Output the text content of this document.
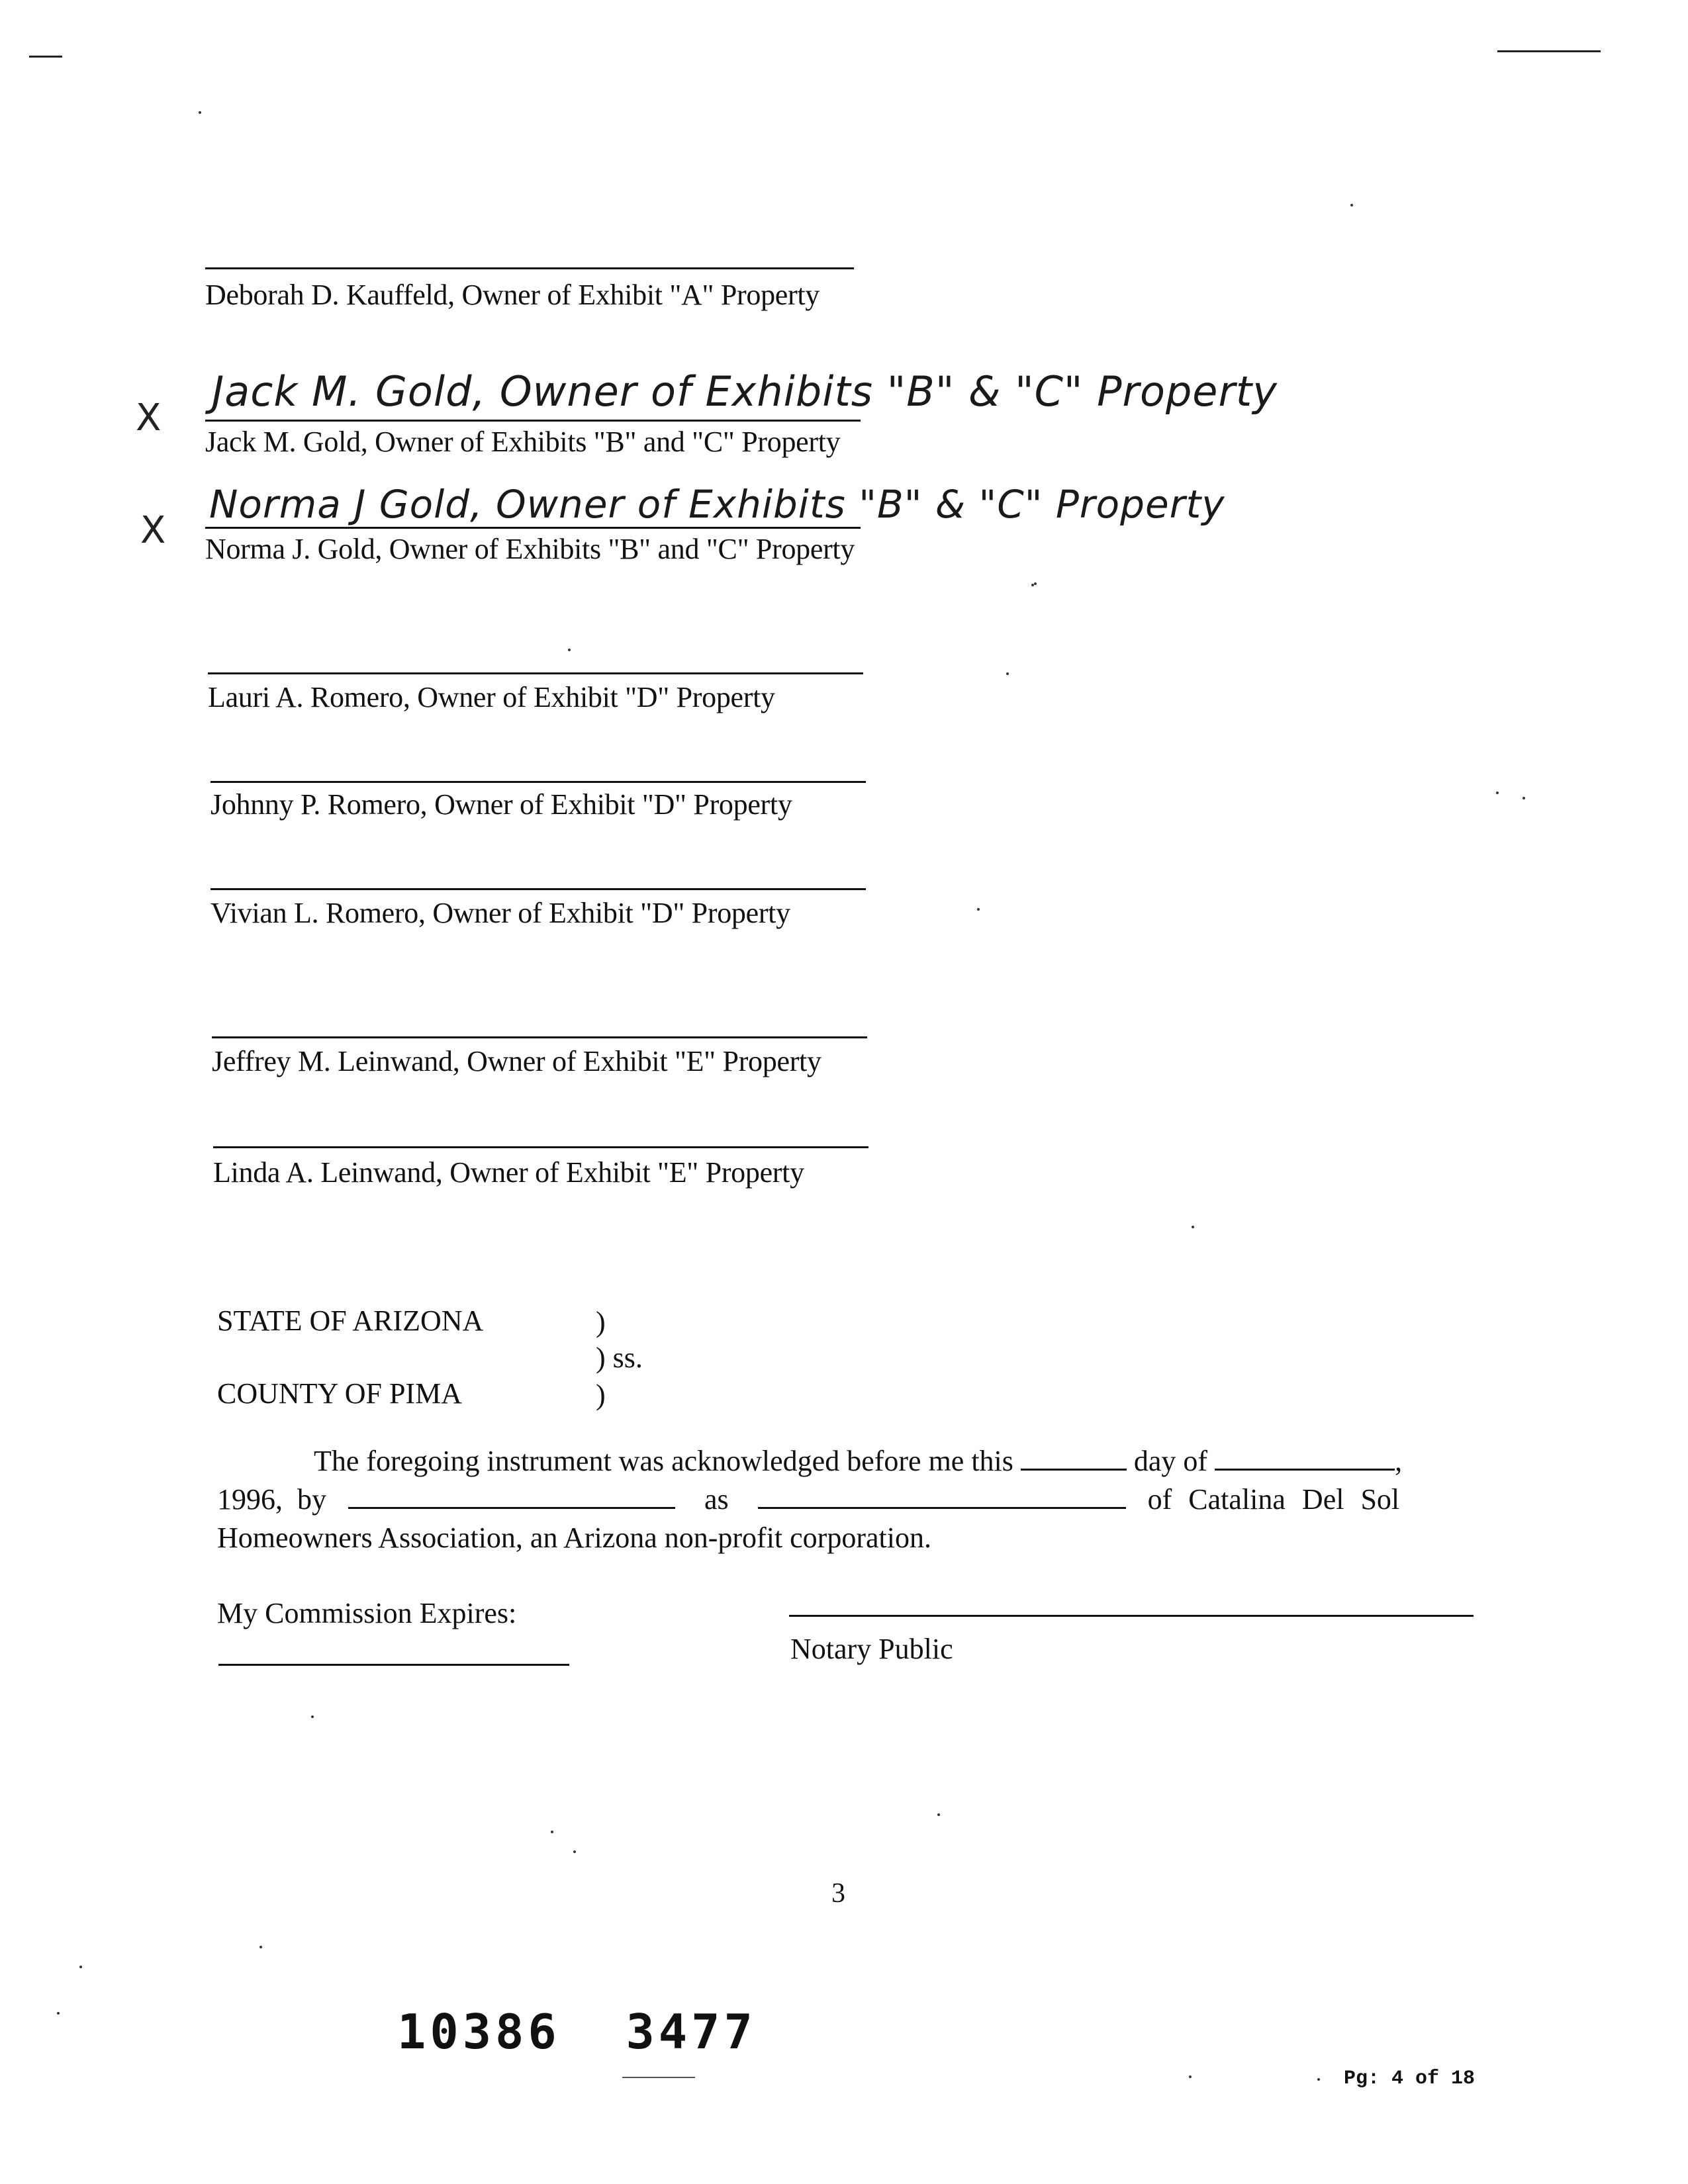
Deborah D. Kauffeld, Owner of Exhibit "A" Property
X
Jack M. Gold, Owner of Exhibits "B" & "C" Property
Jack M. Gold, Owner of Exhibits "B" and "C" Property
X
Norma J Gold, Owner of Exhibits "B" & "C" Property
Norma J. Gold, Owner of Exhibits "B" and "C" Property
Lauri A. Romero, Owner of Exhibit "D" Property
Johnny P. Romero, Owner of Exhibit "D" Property
Vivian L. Romero, Owner of Exhibit "D" Property
Jeffrey M. Leinwand, Owner of Exhibit "E" Property
Linda A. Leinwand, Owner of Exhibit "E" Property
STATE OF ARIZONA	)
) ss.
COUNTY OF PIMA	)
The foregoing instrument was acknowledged before me this	day of	,
1996, by	as	of Catalina Del Sol
Homeowners Association, an Arizona non-profit corporation.
My Commission Expires:
Notary Public
3
10386 3477
Pg: 4 of 18
